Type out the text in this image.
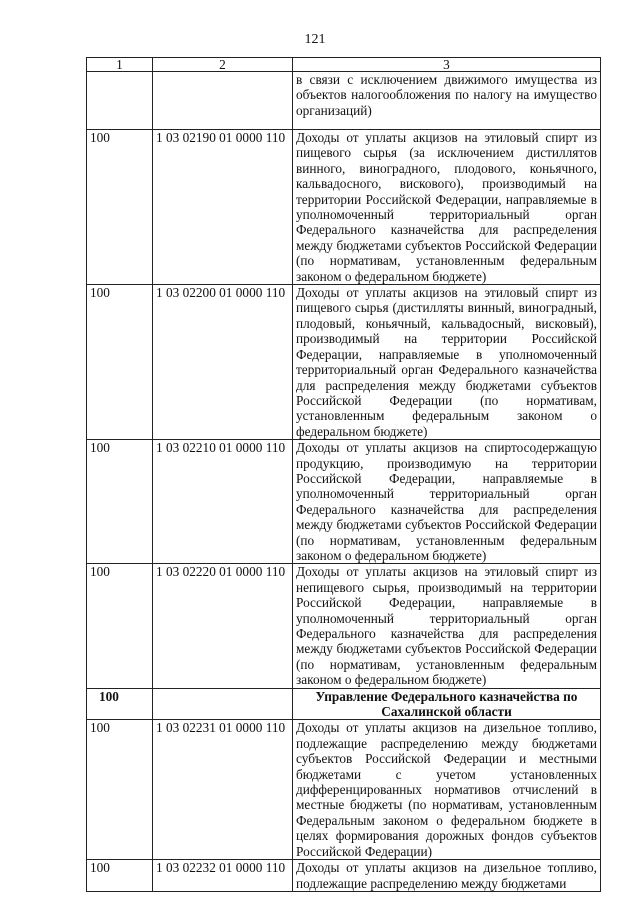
121
1	2	3
		в связи с исключением движимого имущества из объектов налогообложения по налогу на имущество организаций)
100	1 03 02190 01 0000 110	Доходы от уплаты акцизов на этиловый спирт из пищевого сырья (за исключением дистиллятов винного, виноградного, плодового, коньячного, кальвадосного, вискового), производимый на территории Российской Федерации, направляемые в уполномоченный территориальный орган Федерального казначейства для распределения между бюджетами субъектов Российской Федерации (по нормативам, установленным федеральным законом о федеральном бюджете)
100	1 03 02200 01 0000 110	Доходы от уплаты акцизов на этиловый спирт из пищевого сырья (дистилляты винный, виноградный, плодовый, коньячный, кальвадосный, висковый), производимый на территории Российской Федерации, направляемые в уполномоченный территориальный орган Федерального казначейства для распределения между бюджетами субъектов Российской Федерации (по нормативам, установленным федеральным законом о федеральном бюджете)
100	1 03 02210 01 0000 110	Доходы от уплаты акцизов на спиртосодержащую продукцию, производимую на территории Российской Федерации, направляемые в уполномоченный территориальный орган Федерального казначейства для распределения между бюджетами субъектов Российской Федерации (по нормативам, установленным федеральным законом о федеральном бюджете)
100	1 03 02220 01 0000 110	Доходы от уплаты акцизов на этиловый спирт из непищевого сырья, производимый на территории Российской Федерации, направляемые в уполномоченный территориальный орган Федерального казначейства для распределения между бюджетами субъектов Российской Федерации (по нормативам, установленным федеральным законом о федеральном бюджете)
100		Управление Федерального казначейства по Сахалинской области
100	1 03 02231 01 0000 110	Доходы от уплаты акцизов на дизельное топливо, подлежащие распределению между бюджетами субъектов Российской Федерации и местными бюджетами с учетом установленных дифференцированных нормативов отчислений в местные бюджеты (по нормативам, установленным Федеральным законом о федеральном бюджете в целях формирования дорожных фондов субъектов Российской Федерации)
100	1 03 02232 01 0000 110	Доходы от уплаты акцизов на дизельное топливо, подлежащие распределению между бюджетами
